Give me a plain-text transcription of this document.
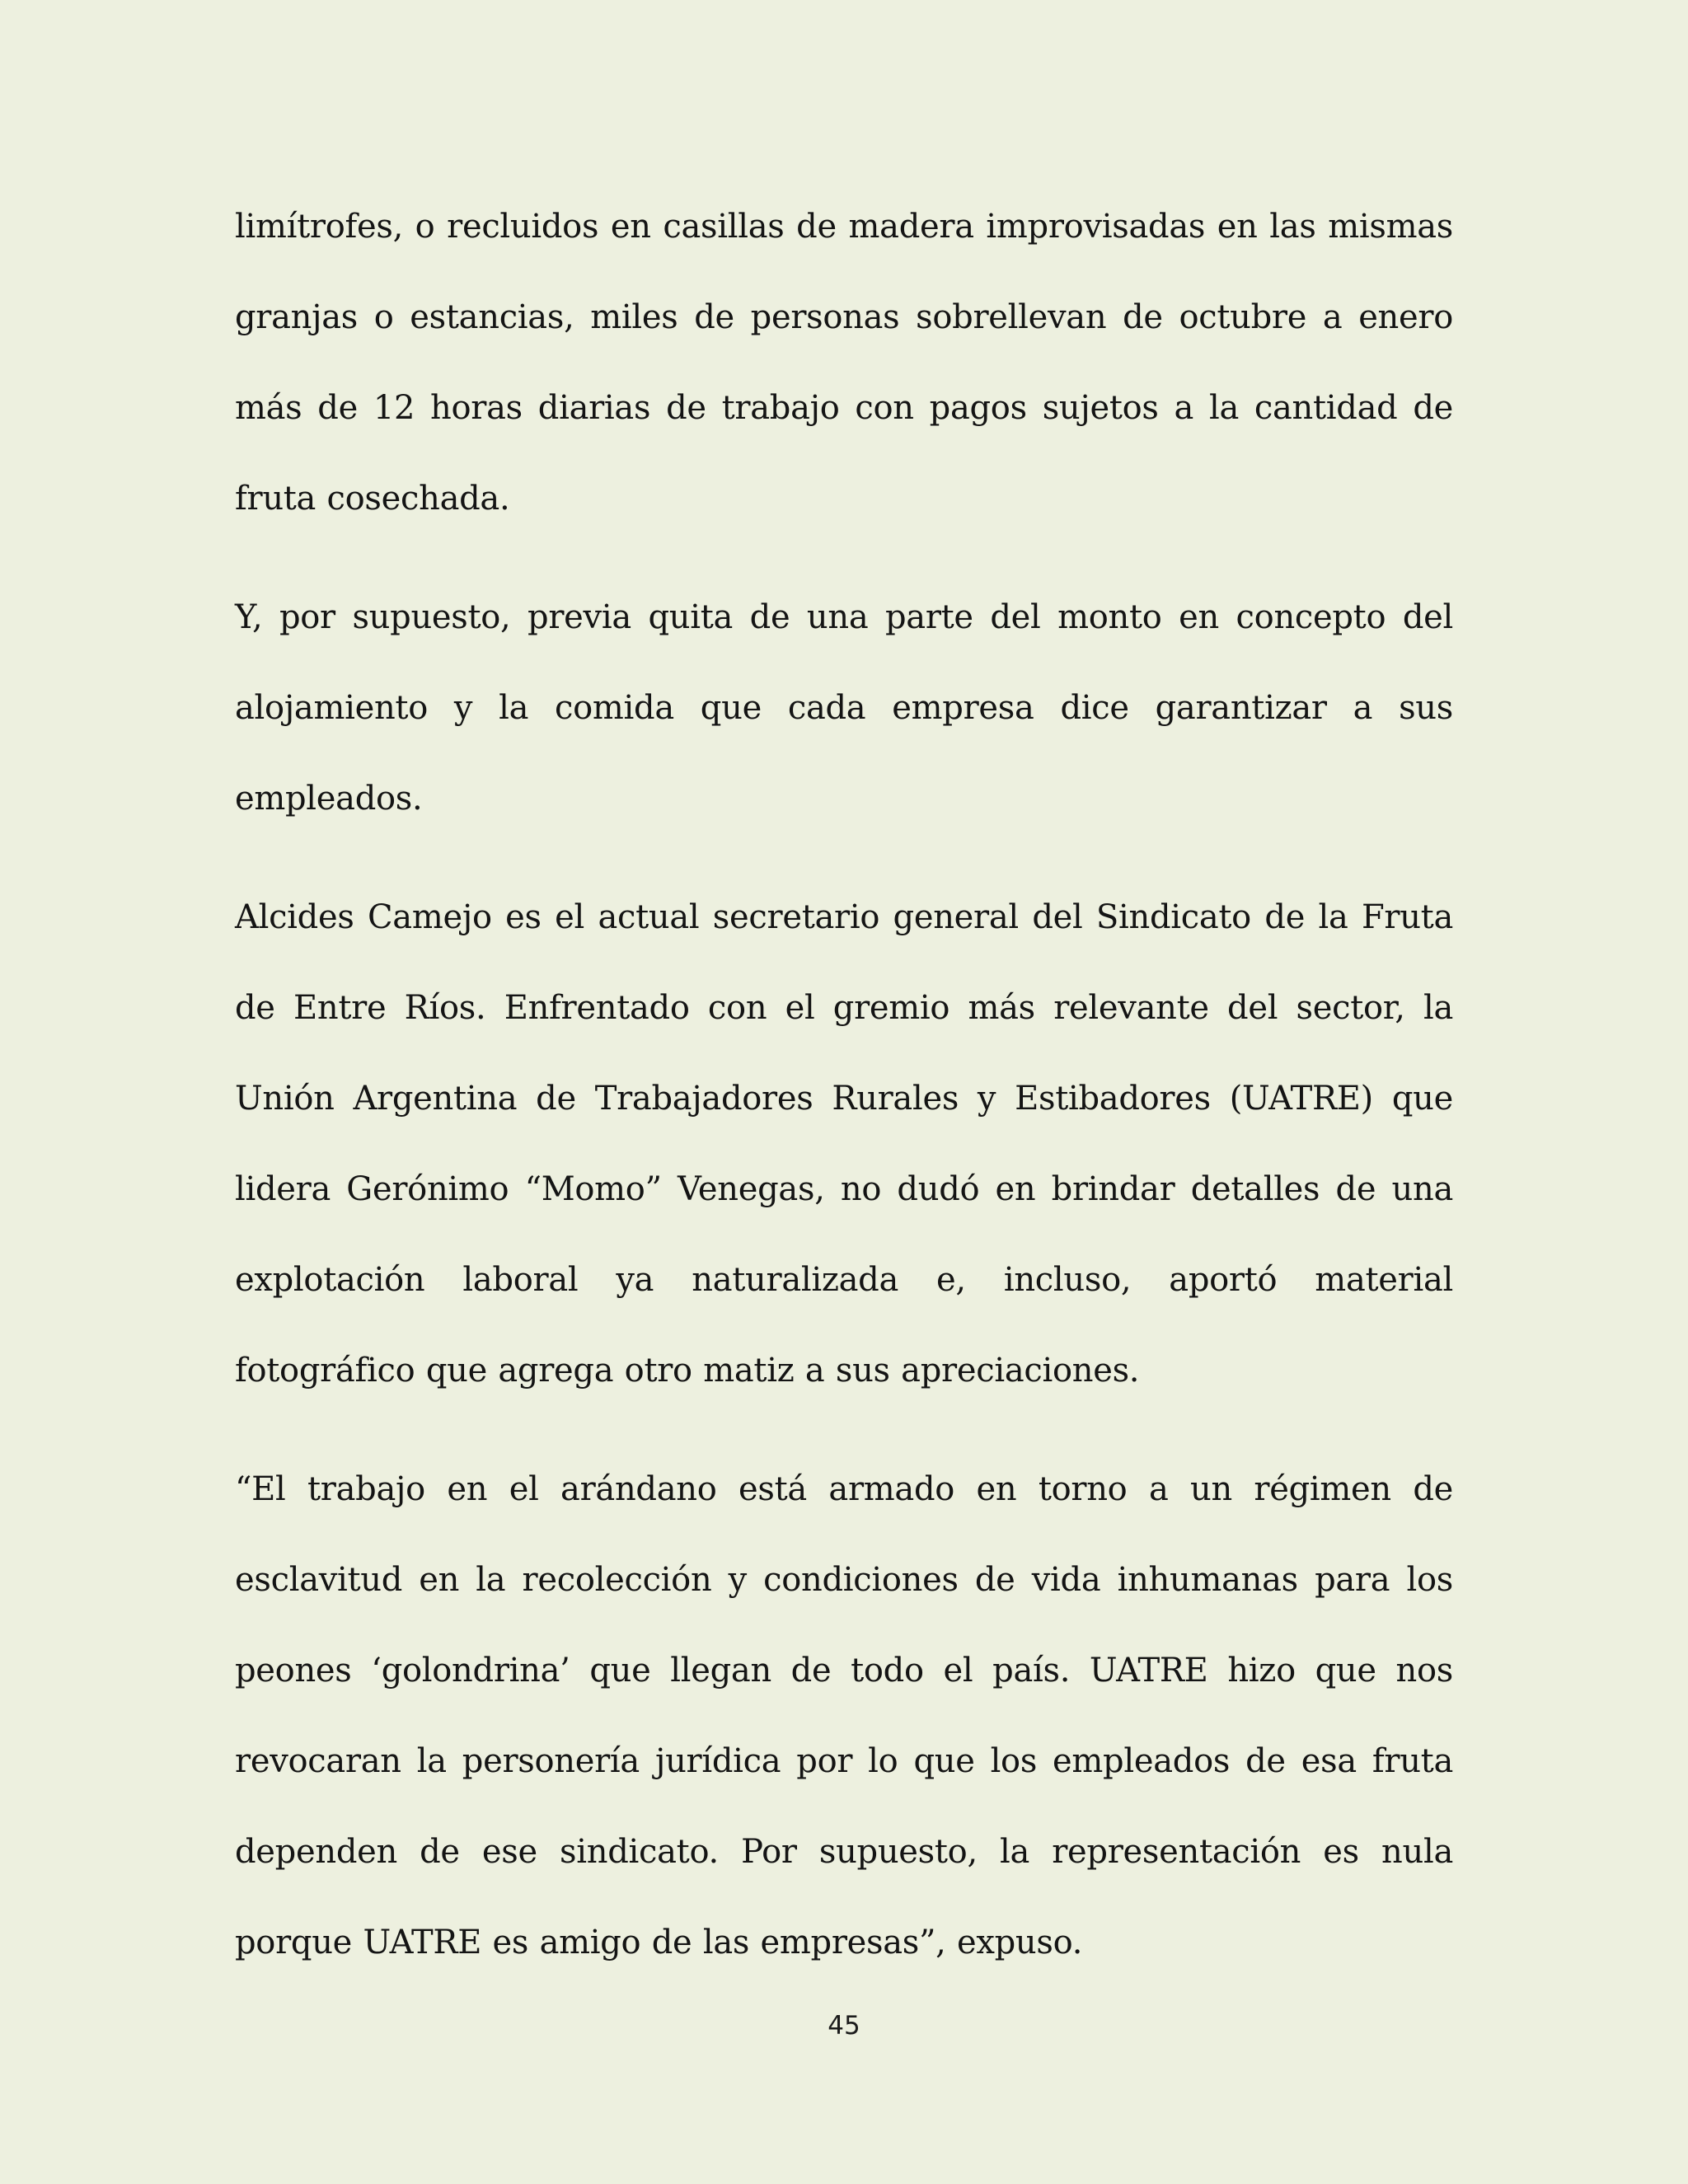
limítrofes, o recluidos en casillas de madera improvisadas en las mismas granjas o estancias, miles de personas sobrellevan de octubre a enero más de 12 horas diarias de trabajo con pagos sujetos a la cantidad de fruta cosechada.

Y, por supuesto, previa quita de una parte del monto en concepto del alojamiento y la comida que cada empresa dice garantizar a sus empleados.

Alcides Camejo es el actual secretario general del Sindicato de la Fruta de Entre Ríos. Enfrentado con el gremio más relevante del sector, la Unión Argentina de Trabajadores Rurales y Estibadores (UATRE) que lidera Gerónimo “Momo” Venegas, no dudó en brindar detalles de una explotación laboral ya naturalizada e, incluso, aportó material fotográfico que agrega otro matiz a sus apreciaciones.

“El trabajo en el arándano está armado en torno a un régimen de esclavitud en la recolección y condiciones de vida inhumanas para los peones ‘golondrina’ que llegan de todo el país. UATRE hizo que nos revocaran la personería jurídica por lo que los empleados de esa fruta dependen de ese sindicato. Por supuesto, la representación es nula porque UATRE es amigo de las empresas”, expuso.

45
